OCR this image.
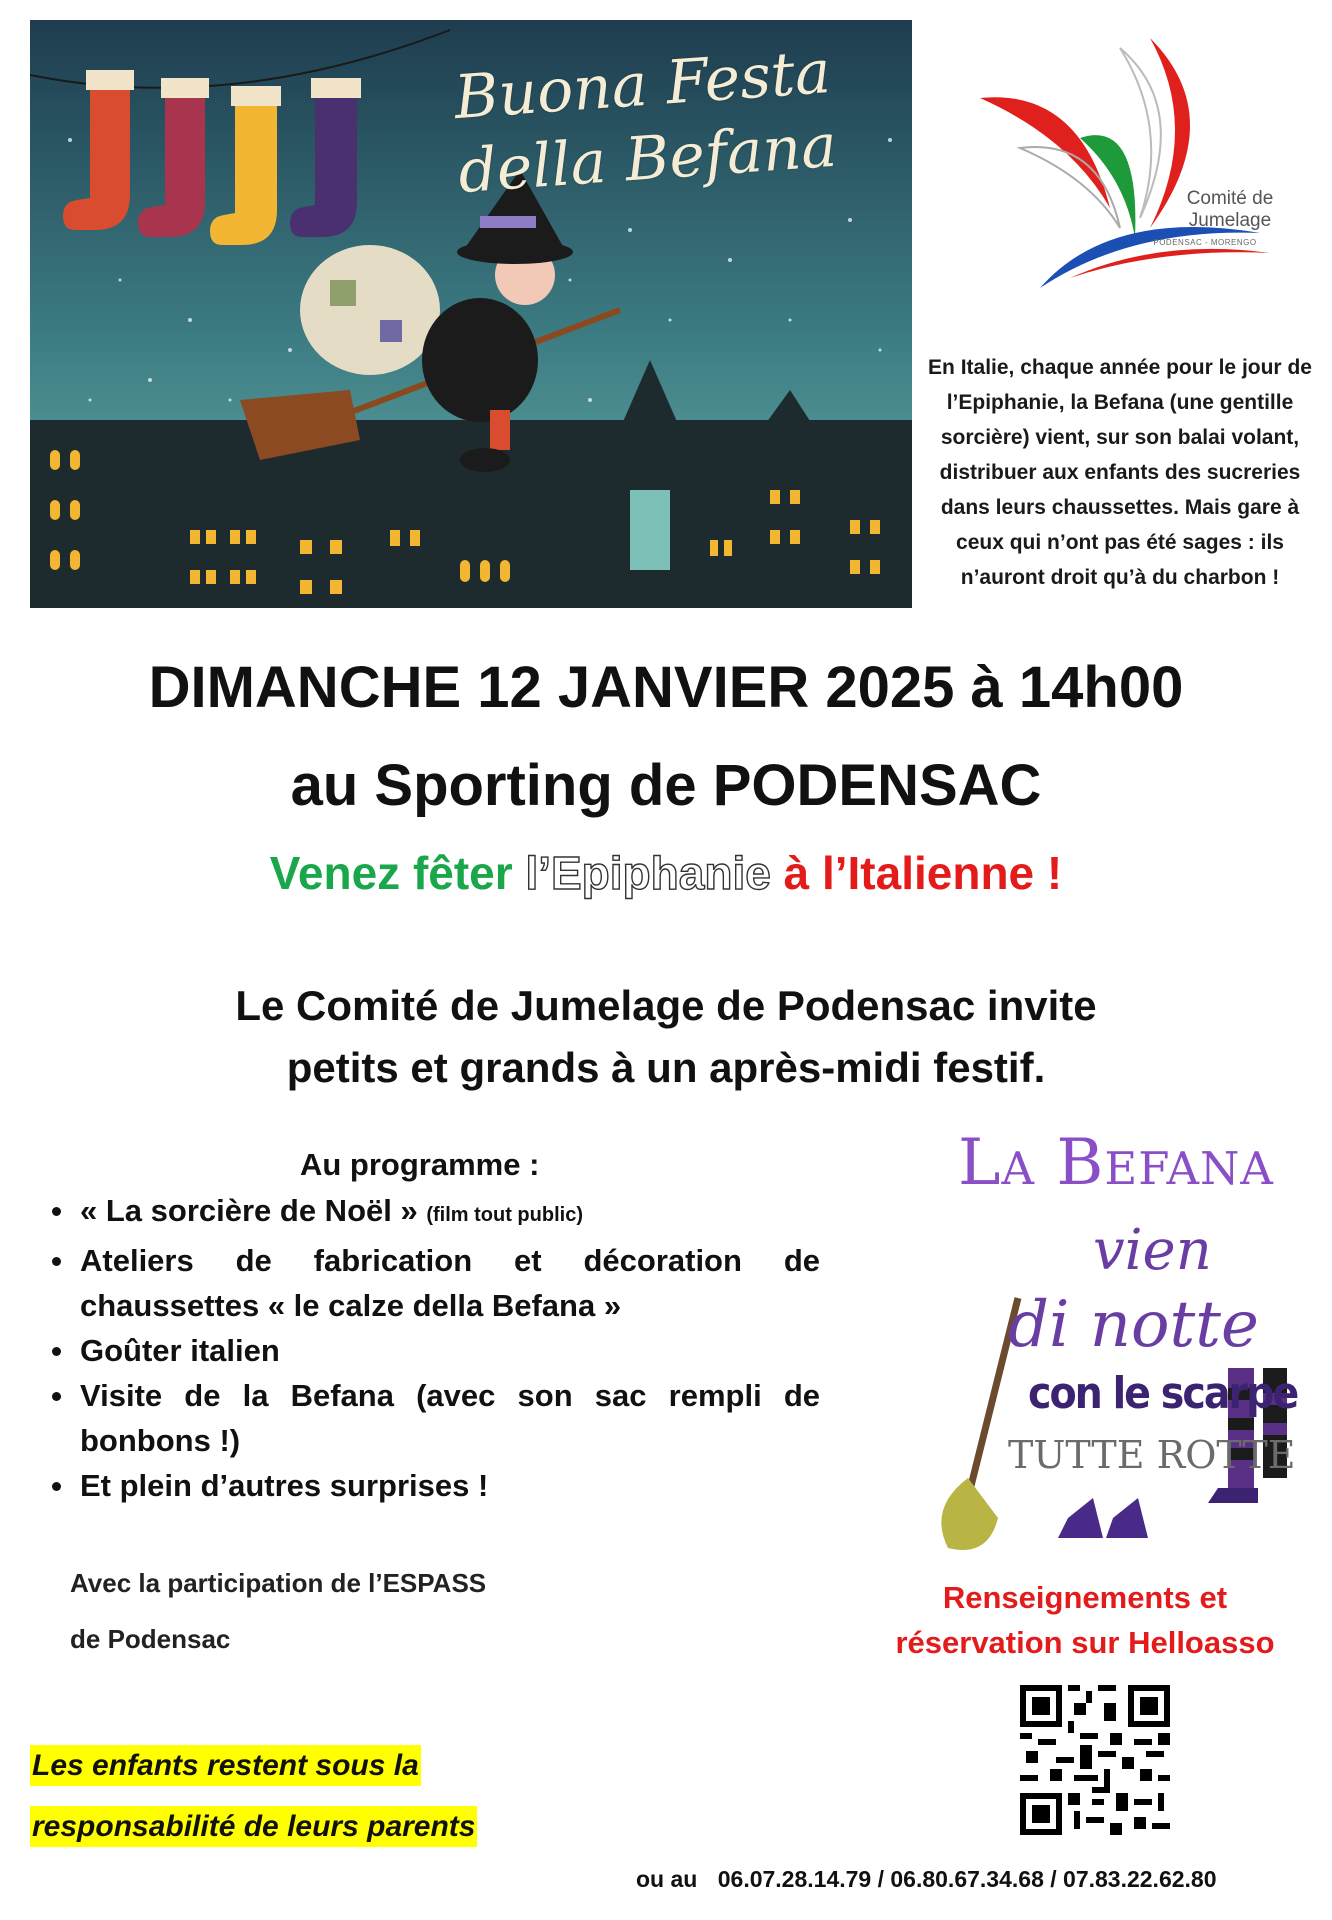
Buona Festa
della Befana	Comité de
Jumelage
PODENSAC - MORENGO
En Italie, chaque année pour le jour de l’Epiphanie, la Befana (une gentille sorcière) vient, sur son balai volant, distribuer aux enfants des sucreries dans leurs chaussettes. Mais gare à ceux qui n’ont pas été sages : ils n’auront droit qu’à du charbon !
DIMANCHE 12 JANVIER 2025 à 14h00
au Sporting de PODENSAC
Venez fêter l’Epiphanie à l’Italienne !
Le Comité de Jumelage de Podensac invite
petits et grands à un après-midi festif.
Au programme :
« La sorcière de Noël » (film tout public)
Ateliers de fabrication et décoration de chaussettes « le calze della Befana »
Goûter italien
Visite de la Befana (avec son sac rempli de bonbons !)
Et plein d’autres surprises !
Avec la participation de l’ESPASS
de Podensac
La Befana
vien
di notte
con le scarpe
TUTTE ROTTE
Renseignements et
réservation sur Helloasso
Les enfants restent sous la
responsabilité de leurs parents
ou au 06.07.28.14.79 / 06.80.67.34.68 / 07.83.22.62.80
